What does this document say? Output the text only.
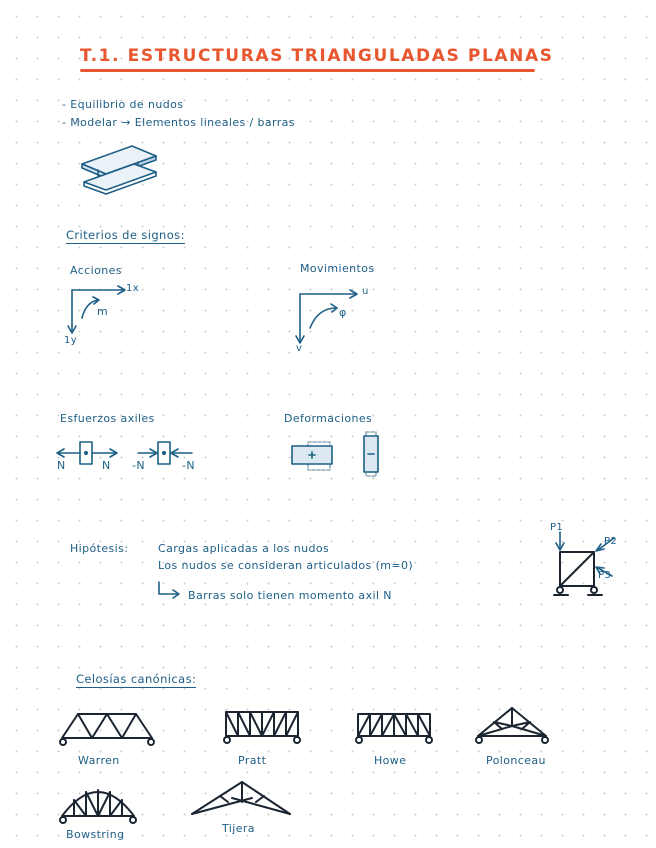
T.1. ESTRUCTURAS TRIANGULADAS PLANAS
- Equilibrio de nudos
- Modelar → Elementos lineales / barras
Criterios de signos:
Acciones
1x
1y
m
Movimientos
u
v
φ
Esfuerzos axiles
N	N -N	-N
Deformaciones
Hipótesis:	Cargas aplicadas a los nudos
Los nudos se consideran articulados (m=0)
Barras solo tienen momento axil N
P1
P2
P3
Celosías canónicas:
Warren	Pratt	Howe	Polonceau
Bowstring	Tijera
